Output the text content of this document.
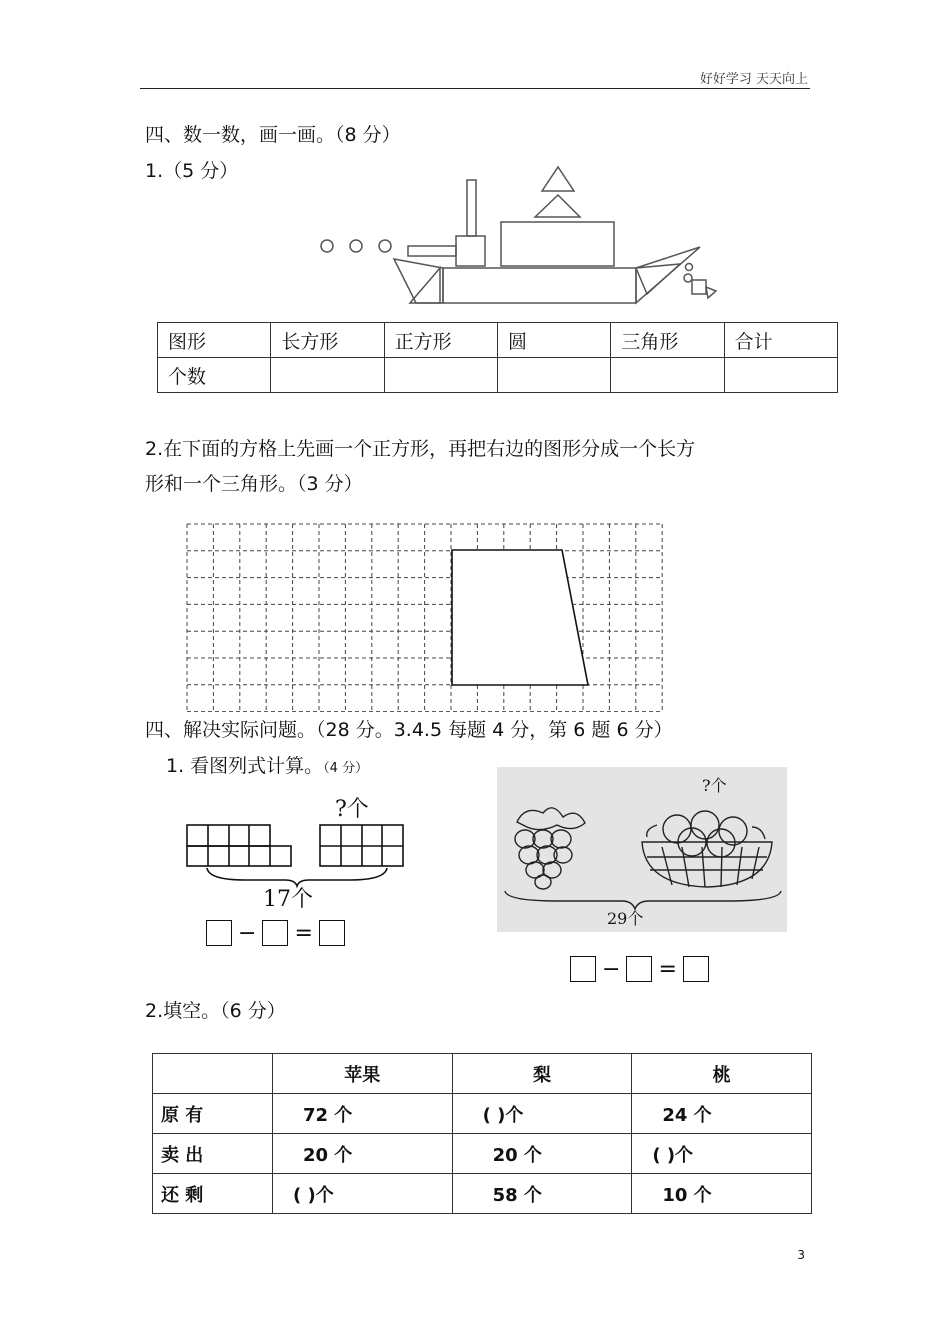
好好学习 天天向上
四、数一数，画一画。（8 分）
1.（5 分）
图形	长方形	正方形	圆	三角形	合计
个数					
2.在下面的方格上先画一个正方形，再把右边的图形分成一个长方
形和一个三角形。（3 分）
四、解决实际问题。（28 分。3.4.5 每题 4 分，第 6 题 6 分）
1. 看图列式计算。（4 分）
?个
17个
− =
?个
29个
− =
2.填空。（6 分）
	苹果	梨	桃
原 有	72 个	( )个	24 个
卖 出	20 个	20 个	( )个
还 剩	( )个	58 个	10 个
3
